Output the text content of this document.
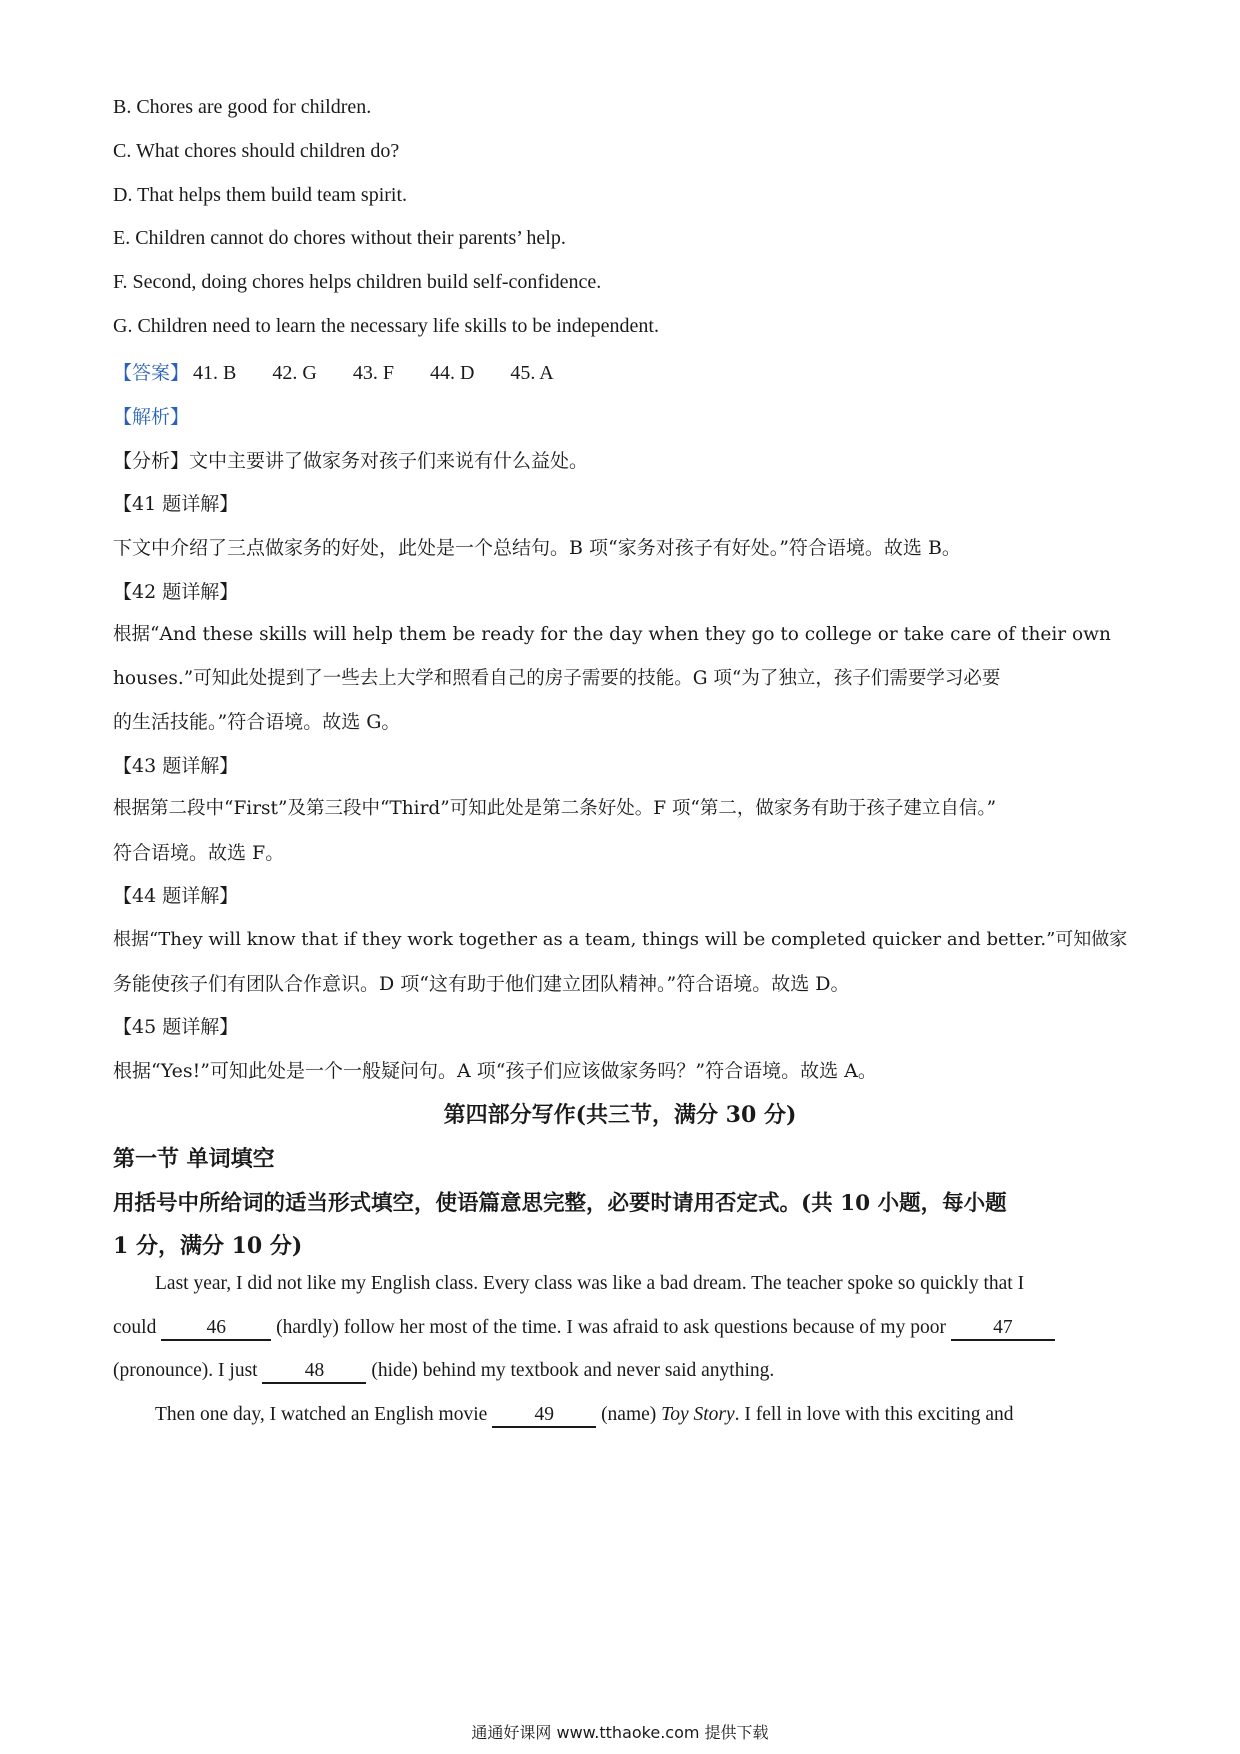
B. Chores are good for children.
C. What chores should children do?
D. That helps them build team spirit.
E. Children cannot do chores without their parents’ help.
F. Second, doing chores helps children build self-confidence.
G. Children need to learn the necessary life skills to be independent.
【答案】 41. B 42. G 43. F 44. D 45. A
【解析】
【分析】文中主要讲了做家务对孩子们来说有什么益处。
【41 题详解】
下文中介绍了三点做家务的好处，此处是一个总结句。B 项“家务对孩子有好处。”符合语境。故选 B。
【42 题详解】
根据“And these skills will help them be ready for the day when they go to college or take care of their own
houses.”可知此处提到了一些去上大学和照看自己的房子需要的技能。G 项“为了独立，孩子们需要学习必要
的生活技能。”符合语境。故选 G。
【43 题详解】
根据第二段中“First”及第三段中“Third”可知此处是第二条好处。F 项“第二，做家务有助于孩子建立自信。”
符合语境。故选 F。
【44 题详解】
根据“They will know that if they work together as a team, things will be completed quicker and better.”可知做家
务能使孩子们有团队合作意识。D 项“这有助于他们建立团队精神。”符合语境。故选 D。
【45 题详解】
根据“Yes!”可知此处是一个一般疑问句。A 项“孩子们应该做家务吗？”符合语境。故选 A。
第四部分写作(共三节，满分 30 分)
第一节 单词填空
用括号中所给词的适当形式填空，使语篇意思完整，必要时请用否定式。(共 10 小题，每小题
1 分，满分 10 分)
Last year, I did not like my English class. Every class was like a bad dream. The teacher spoke so quickly that I
could	46	(hardly) follow her most of the time. I was afraid to ask questions because of my poor 47
(pronounce). I just 48 (hide) behind my textbook and never said anything.
Then one day, I watched an English movie 49 (name) Toy Story. I fell in love with this exciting and
通通好课网 www.tthaoke.com 提供下载
